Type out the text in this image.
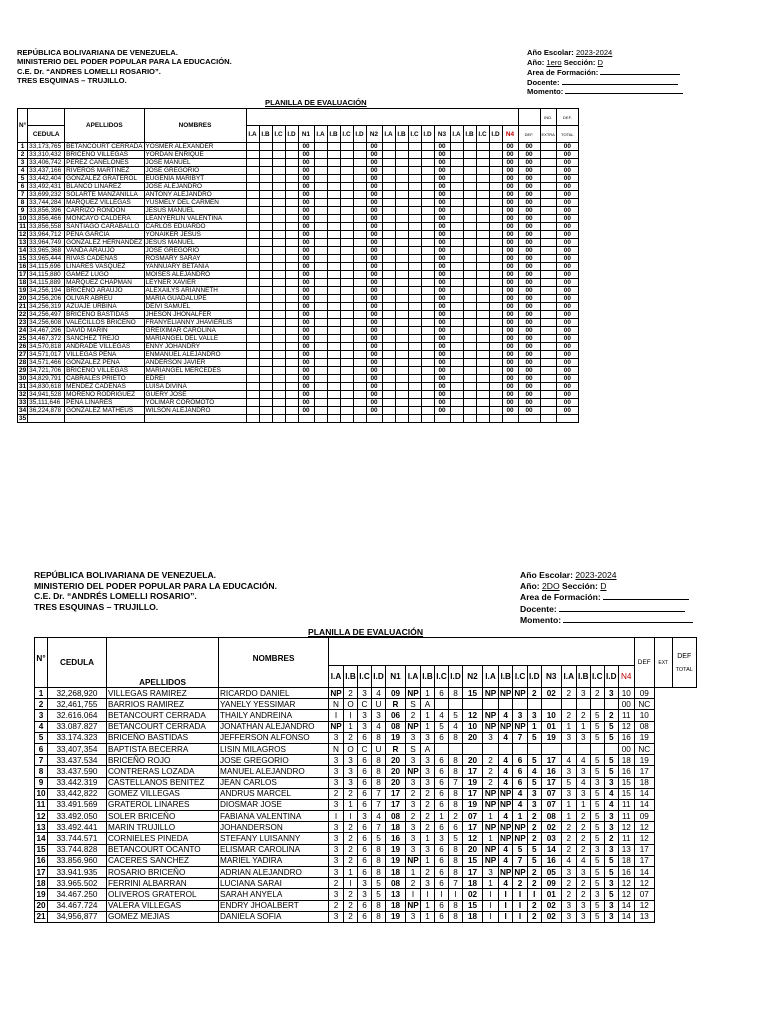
REPÚBLICA BOLIVARIANA DE VENEZUELA.
MINISTERIO DEL PODER POPULAR PARA LA EDUCACIÓN.
C.E. Dr. “ANDRES LOMELLI ROSARIO”.
TRES ESQUINAS – TRUJILLO.
Año Escolar: 2023-2024
Año: 1ero Sección: D
Area de Formación:
Docente:
Momento:
PLANILLA DE EVALUACIÓN
N°		APELLIDOS	NOMBRES																						IND.	DEF.
	CEDULA			I.A	I.B	I.C	I.D	N1	I.A	I.B	I.C	I.D	N2	I.A	I.B	I.C	I.D	N3	I.A	I.B	I.C	I.D	N4	DEF.	EXTRA	TOTAL
1	33,173,765	BETANCOURT CERRADA	YOSMER ALEXANDER					00					00					00					00	00		00
2	33,310,432	BRICEÑO VILLEGAS	YORDAN ENRIQUE					00					00					00					00	00		00
3	33,406,742	PEREZ CANELONES	JOSE MANUEL					00					00					00					00	00		00
4	33,437,166	RIVEROS MARTINEZ	JOSE GREGORIO					00					00					00					00	00		00
5	33,442,404	GONZALEZ GRATEROL	EUGENIA MARIBYT					00					00					00					00	00		00
6	33,492,431	BLANCO LINAREZ	JOSE ALEJANDRO					00					00					00					00	00		00
7	33,699,232	SOLARTE MANZANILLA	ANTONY ALEJANDRO					00					00					00					00	00		00
8	33,744,284	MARQUEZ VILLEGAS	YUSMELY DEL CARMEN					00					00					00					00	00		00
9	33,856,396	CARRIZO RONDON	JESUS MANUEL					00					00					00					00	00		00
10	33,856,466	MONCAYO CALDERA	LEANYERLIN VALENTINA					00					00					00					00	00		00
11	33,856,558	SANTIAGO CARABALLO	CARLOS EDUARDO					00					00					00					00	00		00
12	33,964,712	PENA GARCIA	YONAIKER JESUS					00					00					00					00	00		00
13	33,964,749	GONZALEZ HERNANDEZ	JESUS MANUEL					00					00					00					00	00		00
14	33,965,368	VANDA ARAUJO	JOSE GREGORIO					00					00					00					00	00		00
15	33,965,444	RIVAS CADENAS	ROSMARY SARAY					00					00					00					00	00		00
16	34,115,696	LINARES VASQUEZ	YANNUARY BETANIA					00					00					00					00	00		00
17	34,115,880	GAMEZ LUGO	MOISES ALEJANDRO					00					00					00					00	00		00
18	34,115,889	MARQUEZ CHAPMAN	LEYNER XAVIER					00					00					00					00	00		00
19	34,256,194	BRICEÑO ARAUJO	ALEXAILYS ARIANNETH					00					00					00					00	00		00
20	34,256,206	OLIVAR ABREU	MARIA GUADALUPE					00					00					00					00	00		00
21	34,256,319	AZUAJE URBINA	DEIVI SAMUEL					00					00					00					00	00		00
22	34,256,497	BRICEÑO BASTIDAS	JHESON JHONALFER					00					00					00					00	00		00
23	34,256,608	VALECILLOS BRICEÑO	FRANYELIANNY JHAVIERLIS					00					00					00					00	00		00
24	34,467,296	DAVID MARIN	GREIXIMAR CAROLINA					00					00					00					00	00		00
25	34,467,372	SANCHEZ TREJO	MARIANGEL DEL VALLE					00					00					00					00	00		00
26	34,570,818	ANDRADE VILLEGAS	ENNY JOHANDRY					00					00					00					00	00		00
27	34,571,017	VILLEGAS PENA	ENMANUEL ALEJANDRO					00					00					00					00	00		00
28	34,571,466	GONZALEZ PENA	ANDERSON JAVIER					00					00					00					00	00		00
29	34,721,706	BRICEÑO VILLEGAS	MARIANGEL MERCEDES					00					00					00					00	00		00
30	34,829,791	CABRALES PRIETO	EDREI					00					00					00					00	00		00
31	34,830,618	MENDEZ CADENAS	LUISA DIVINA					00					00					00					00	00		00
32	34,941,528	MORENO RODRIGUEZ	GUERY JOSE					00					00					00					00	00		00
33	35,111,646	PENA LINARES	YOLIMAR COROMOTO					00					00					00					00	00		00
34	36,224,878	GONZALEZ MATHEUS	WILSON ALEJANDRO					00					00					00					00	00		00
35																										
REPÚBLICA BOLIVARIANA DE VENEZUELA.
MINISTERIO DEL PODER POPULAR PARA LA EDUCACIÓN.
C.E. Dr. “ANDRÉS LOMELLI ROSARIO”.
TRES ESQUINAS – TRUJILLO.
Año Escolar: 2023-2024
Año: 2DO Sección: D
Area de Formación:
Docente:
Momento:
PLANILLA DE EVALUACIÓN
N°	CEDULA	APELLIDOS	NOMBRES																					DEF	EXT	DEF
TOTAL

				I.A	I.B	I.C	I.D	N1	I.A	I.B	I.C	I.D	N2	I.A	I.B	I.C	I.D	N3	I.A	I.B	I.C	I.D	N4			
1	32,268,920	VILLEGAS RAMIREZ	RICARDO DANIEL	NP	2	3	4	09	NP	1	6	8	15	NP	NP	NP	2	02	2	3	2	3	10	09		
2	32,461,755	BARRIOS RAMIREZ	YANELY YESSIMAR	N	O	C	U	R	S	A													00	NC		
3	32.616.064	BETANCOURT CERRADA	THAILY ANDREINA	I	I	3	3	06	2	1	4	5	12	NP	4	3	3	10	2	2	5	2	11	10		
4	33.087.827	BETANCOURT CERRADA	JONATHAN ALEJANDRO	NP	1	3	4	08	NP	1	5	4	10	NP	NP	NP	1	01	1	1	5	5	12	08		
5	33.174.323	BRICEÑO BASTIDAS	JEFFERSON ALFONSO	3	2	6	8	19	3	3	6	8	20	3	4	7	5	19	3	3	5	5	16	19		
6	33,407,354	BAPTISTA BECERRA	LISIN MILAGROS	N	O	C	U	R	S	A													00	NC		
7	33.437.534	BRICEÑO ROJO	JOSE GREGORIO	3	3	6	8	20	3	3	6	8	20	2	4	6	5	17	4	4	5	5	18	19		
8	33.437.590	CONTRERAS LOZADA	MANUEL ALEJANDRO	3	3	6	8	20	NP	3	6	8	17	2	4	6	4	16	3	3	5	5	16	17		
9	33.442.319	CASTELLANOS BENITEZ	JEAN CARLOS	3	3	6	8	20	3	3	6	7	19	2	4	6	5	17	5	4	3	3	15	18		
10	33,442,822	GOMEZ VILLEGAS	ANDRUS MARCEL	2	2	6	7	17	2	2	6	8	17	NP	NP	4	3	07	3	3	5	4	15	14		
11	33.491.569	GRATEROL LINARES	DIOSMAR JOSE	3	1	6	7	17	3	2	6	8	19	NP	NP	4	3	07	1	1	5	4	11	14		
12	33.492.050	SOLER BRICEÑO	FABIANA VALENTINA	I	I	3	4	08	2	2	1	2	07	1	4	1	2	08	1	2	5	3	11	09		
13	33.492.441	MARIN TRUJILLO	JOHANDERSON	3	2	6	7	18	3	2	6	6	17	NP	NP	NP	2	02	2	2	5	3	12	12		
14	33.744.571	CORNIELES PINEDA	STEFANY LUISANNY	3	2	6	5	16	3	1	3	5	12	1	NP	NP	2	03	2	2	5	2	11	12		
15	33.744.828	BETANCOURT OCANTO	ELISMAR CAROLINA	3	2	6	8	19	3	3	6	8	20	NP	4	5	5	14	2	2	3	3	13	17		
16	33.856.960	CACERES SANCHEZ	MARIEL YADIRA	3	2	6	8	19	NP	1	6	8	15	NP	4	7	5	16	4	4	5	5	18	17		
17	33.941.935	ROSARIO BRICEÑO	ADRIAN ALEJANDRO	3	1	6	8	18	1	2	6	8	17	3	NP	NP	2	05	3	3	5	5	16	14		
18	33.965.502	FERRINI ALBARRAN	LUCIANA SARAI	2	I	3	5	08	2	3	6	7	18	1	4	2	2	09	2	2	5	3	12	12		
19	34.467.250	OLIVEROS GRATEROL	SARAH ANYELA	3	2	3	5	13	I	I	I	I	02	I	I	I	I	01	2	2	3	5	12	07		
20	34.467.724	VALERA VILLEGAS	ENDRY JHOALBERT	2	2	6	8	18	NP	1	6	8	15	I	I	I	2	02	3	3	5	3	14	12		
21	34,956,877	GOMEZ MEJIAS	DANIELA SOFIA	3	2	6	8	19	3	1	6	8	18	I	I	I	2	02	3	3	5	3	14	13		
